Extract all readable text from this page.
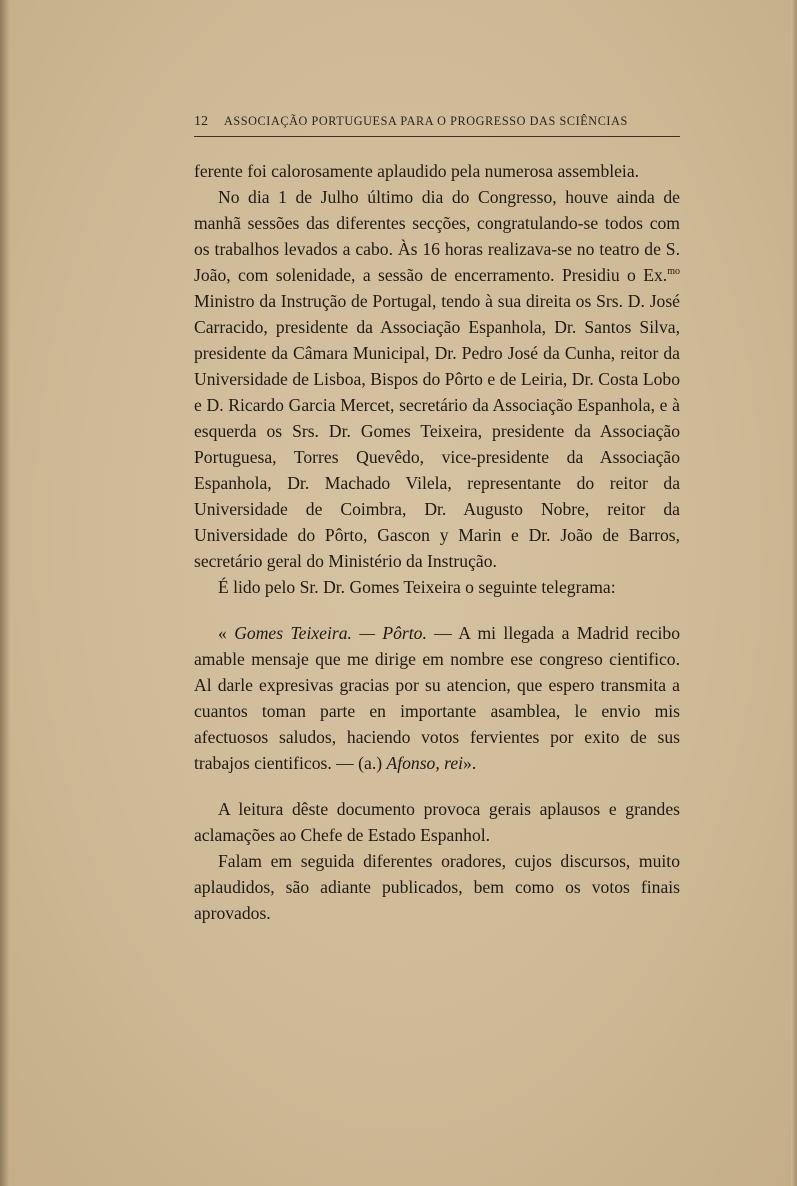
12 ASSOCIAÇÃO PORTUGUESA PARA O PROGRESSO DAS SCIÊNCIAS

ferente foi calorosamente aplaudido pela numerosa assembleia.

No dia 1 de Julho último dia do Congresso, houve ainda de manhã sessões das diferentes secções, congratulando-se todos com os trabalhos levados a cabo. Às 16 horas realizava-se no teatro de S. João, com solenidade, a sessão de encerramento. Presidiu o Ex.$^{mo}$ Ministro da Instrução de Portugal, tendo à sua direita os Srs. D. José Carracido, presidente da Associação Espanhola, Dr. Santos Silva, presidente da Câmara Municipal, Dr. Pedro José da Cunha, reitor da Universidade de Lisboa, Bispos do Pôrto e de Leiria, Dr. Costa Lobo e D. Ricardo Garcia Mercet, secretário da Associação Espanhola, e à esquerda os Srs. Dr. Gomes Teixeira, presidente da Associação Portuguesa, Torres Quevêdo, vice-presidente da Associação Espanhola, Dr. Machado Vilela, representante do reitor da Universidade de Coimbra, Dr. Augusto Nobre, reitor da Universidade do Pôrto, Gascon y Marin e Dr. João de Barros, secretário geral do Ministério da Instrução.

É lido pelo Sr. Dr. Gomes Teixeira o seguinte telegrama:

« Gomes Teixeira. — Pôrto. — A mi llegada a Madrid recibo amable mensaje que me dirige em nombre ese congreso cientifico. Al darle expresivas gracias por su atencion, que espero transmita a cuantos toman parte en importante asamblea, le envio mis afectuosos saludos, haciendo votos fervientes por exito de sus trabajos cientificos. — (a.) Afonso, rei».

A leitura dêste documento provoca gerais aplausos e grandes aclamações ao Chefe de Estado Espanhol.

Falam em seguida diferentes oradores, cujos discursos, muito aplaudidos, são adiante publicados, bem como os votos finais aprovados.
